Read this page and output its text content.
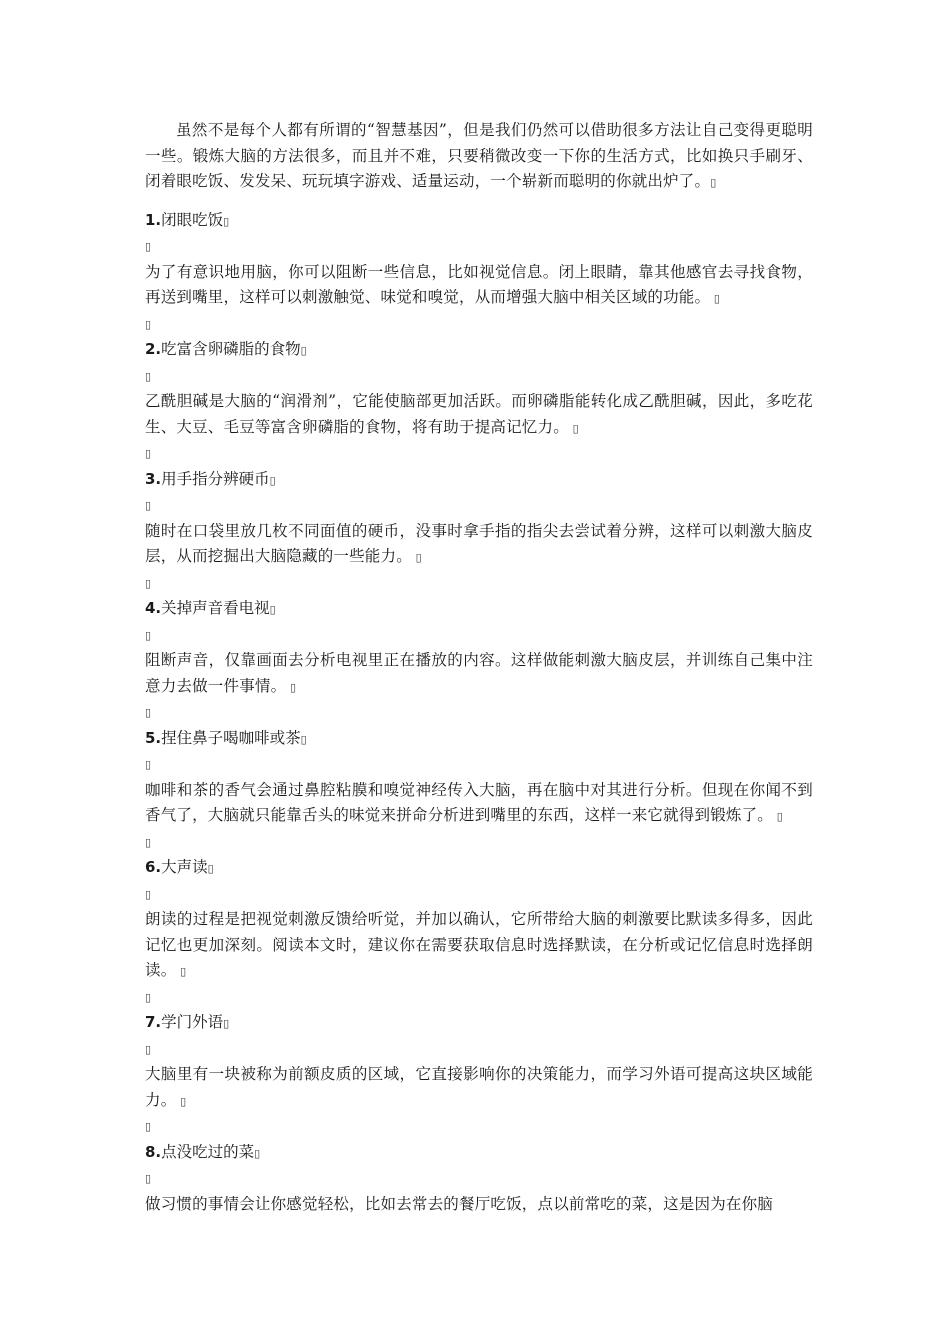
虽然不是每个人都有所谓的“智慧基因”，但是我们仍然可以借助很多方法让自己变得更聪明一些。锻炼大脑的方法很多，而且并不难，只要稍微改变一下你的生活方式，比如换只手刷牙、闭着眼吃饭、发发呆、玩玩填字游戏、适量运动，一个崭新而聪明的你就出炉了。▯

1.闭眼吃饭▯

▯

为了有意识地用脑，你可以阻断一些信息，比如视觉信息。闭上眼睛，靠其他感官去寻找食物，再送到嘴里，这样可以刺激触觉、味觉和嗅觉，从而增强大脑中相关区域的功能。 ▯

▯

2.吃富含卵磷脂的食物▯

▯

乙酰胆碱是大脑的“润滑剂”，它能使脑部更加活跃。而卵磷脂能转化成乙酰胆碱，因此，多吃花生、大豆、毛豆等富含卵磷脂的食物，将有助于提高记忆力。 ▯

▯

3.用手指分辨硬币▯

▯

随时在口袋里放几枚不同面值的硬币，没事时拿手指的指尖去尝试着分辨，这样可以刺激大脑皮层，从而挖掘出大脑隐藏的一些能力。 ▯

▯

4.关掉声音看电视▯

▯

阻断声音，仅靠画面去分析电视里正在播放的内容。这样做能刺激大脑皮层，并训练自己集中注意力去做一件事情。 ▯

▯

5.捏住鼻子喝咖啡或茶▯

▯

咖啡和茶的香气会通过鼻腔粘膜和嗅觉神经传入大脑，再在脑中对其进行分析。但现在你闻不到香气了，大脑就只能靠舌头的味觉来拼命分析进到嘴里的东西，这样一来它就得到锻炼了。 ▯

▯

6.大声读▯

▯

朗读的过程是把视觉刺激反馈给听觉，并加以确认，它所带给大脑的刺激要比默读多得多，因此记忆也更加深刻。阅读本文时，建议你在需要获取信息时选择默读，在分析或记忆信息时选择朗读。 ▯

▯

7.学门外语▯

▯

大脑里有一块被称为前额皮质的区域，它直接影响你的决策能力，而学习外语可提高这块区域能力。 ▯

▯

8.点没吃过的菜▯

▯

做习惯的事情会让你感觉轻松，比如去常去的餐厅吃饭，点以前常吃的菜，这是因为在你脑
